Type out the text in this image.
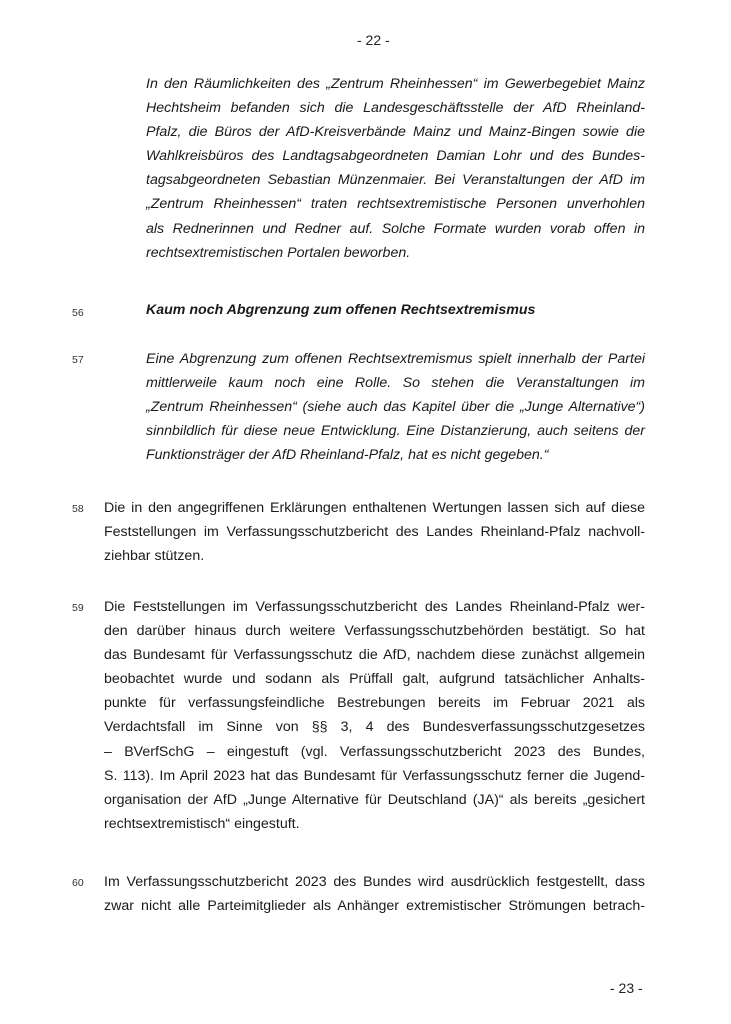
- 22 -
In den Räumlichkeiten des „Zentrum Rheinhessen“ im Gewerbegebiet Mainz
Hechtsheim befanden sich die Landesgeschäftsstelle der AfD Rheinland-
Pfalz, die Büros der AfD-Kreisverbände Mainz und Mainz-Bingen sowie die
Wahlkreisbüros des Landtagsabgeordneten Damian Lohr und des Bundes-
tagsabgeordneten Sebastian Münzenmaier. Bei Veranstaltungen der AfD im
„Zentrum Rheinhessen“ traten rechtsextremistische Personen unverhohlen
als Rednerinnen und Redner auf. Solche Formate wurden vorab offen in
rechtsextremistischen Portalen beworben.
56	Kaum noch Abgrenzung zum offenen Rechtsextremismus
57	Eine Abgrenzung zum offenen Rechtsextremismus spielt innerhalb der Partei
mittlerweile kaum noch eine Rolle. So stehen die Veranstaltungen im
„Zentrum Rheinhessen“ (siehe auch das Kapitel über die „Junge Alternative“)
sinnbildlich für diese neue Entwicklung. Eine Distanzierung, auch seitens der
Funktionsträger der AfD Rheinland-Pfalz, hat es nicht gegeben.“
58 Die in den angegriffenen Erklärungen enthaltenen Wertungen lassen sich auf diese
Feststellungen im Verfassungsschutzbericht des Landes Rheinland-Pfalz nachvoll-
ziehbar stützen.
59 Die Feststellungen im Verfassungsschutzbericht des Landes Rheinland-Pfalz wer-
den darüber hinaus durch weitere Verfassungsschutzbehörden bestätigt. So hat
das Bundesamt für Verfassungsschutz die AfD, nachdem diese zunächst allgemein
beobachtet wurde und sodann als Prüffall galt, aufgrund tatsächlicher Anhalts-
punkte für verfassungsfeindliche Bestrebungen bereits im Februar 2021 als
Verdachtsfall im Sinne von §§ 3, 4 des Bundesverfassungsschutzgesetzes
– BVerfSchG – eingestuft (vgl. Verfassungsschutzbericht 2023 des Bundes,
S. 113). Im April 2023 hat das Bundesamt für Verfassungsschutz ferner die Jugend-
organisation der AfD „Junge Alternative für Deutschland (JA)“ als bereits „gesichert
rechtsextremistisch“ eingestuft.
60 Im Verfassungsschutzbericht 2023 des Bundes wird ausdrücklich festgestellt, dass
zwar nicht alle Parteimitglieder als Anhänger extremistischer Strömungen betrach-
- 23 -
